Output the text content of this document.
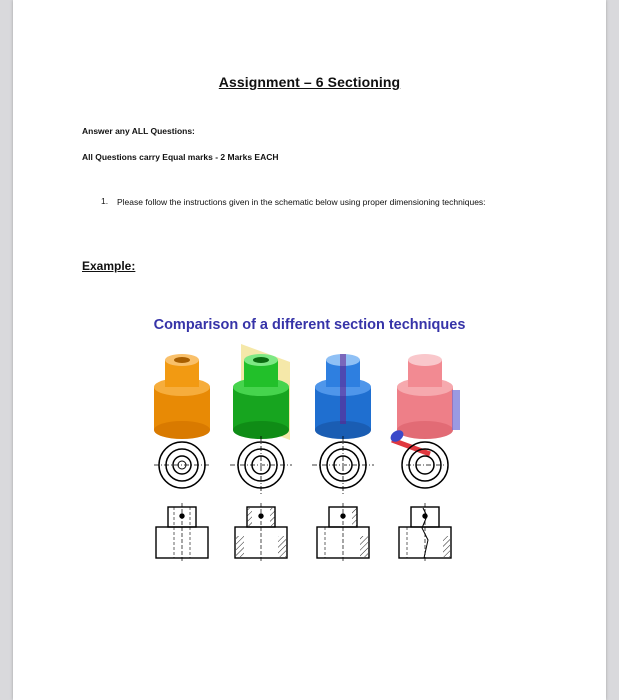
Assignment – 6 Sectioning
Answer any ALL Questions:
All Questions carry Equal marks - 2 Marks EACH
1. Please follow the instructions given in the schematic below using proper dimensioning techniques:
Example:
Comparison of a different section techniques
